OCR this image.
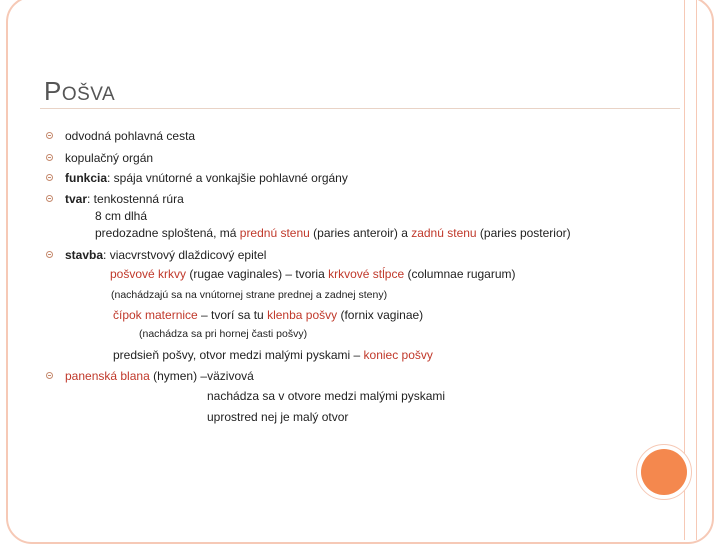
POŠVA
odvodná pohlavná cesta
kopulačný orgán
funkcia: spája vnútorné a vonkajšie pohlavné orgány
tvar: tenkostenná rúra
8 cm dlhá
predozadne sploštená, má prednú stenu (paries anteroir) a zadnú stenu (paries posterior)
stavba: viacvrstvový dlaždicový epitel
pošvové krkvy (rugae vaginales) – tvoria krkvové stĺpce (columnae rugarum)
(nachádzajú sa na vnútornej strane prednej a zadnej steny)
čípok maternice – tvorí sa tu klenba pošvy (fornix vaginae)
(nachádza sa pri hornej časti pošvy)
predsieň pošvy, otvor medzi malými pyskami – koniec pošvy
panenská blana (hymen) –väzivová
nachádza sa v otvore medzi malými pyskami
uprostred nej je malý otvor
